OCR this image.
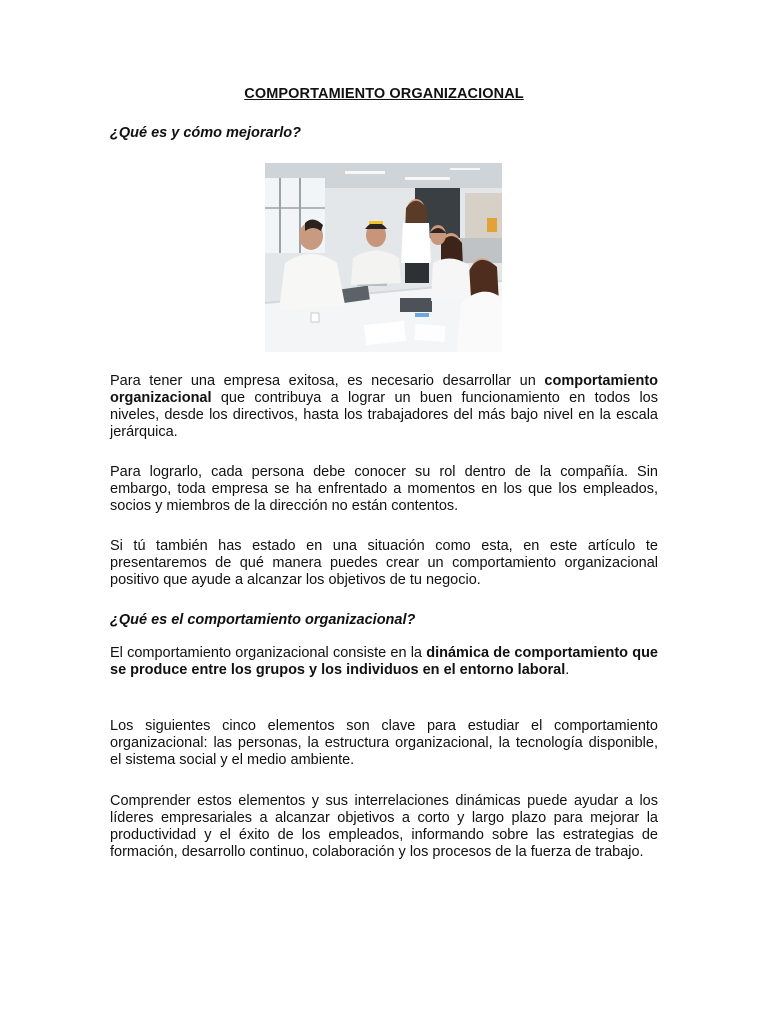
COMPORTAMIENTO ORGANIZACIONAL
¿Qué es y cómo mejorarlo?

Para tener una empresa exitosa, es necesario desarrollar un comportamiento organizacional que contribuya a lograr un buen funcionamiento en todos los niveles, desde los directivos, hasta los trabajadores del más bajo nivel en la escala jerárquica.

Para lograrlo, cada persona debe conocer su rol dentro de la compañía. Sin embargo, toda empresa se ha enfrentado a momentos en los que los empleados, socios y miembros de la dirección no están contentos.

Si tú también has estado en una situación como esta, en este artículo te presentaremos de qué manera puedes crear un comportamiento organizacional positivo que ayude a alcanzar los objetivos de tu negocio.

¿Qué es el comportamiento organizacional?

El comportamiento organizacional consiste en la dinámica de comportamiento que se produce entre los grupos y los individuos en el entorno laboral.

Los siguientes cinco elementos son clave para estudiar el comportamiento organizacional: las personas, la estructura organizacional, la tecnología disponible, el sistema social y el medio ambiente.

Comprender estos elementos y sus interrelaciones dinámicas puede ayudar a los líderes empresariales a alcanzar objetivos a corto y largo plazo para mejorar la productividad y el éxito de los empleados, informando sobre las estrategias de formación, desarrollo continuo, colaboración y los procesos de la fuerza de trabajo.
